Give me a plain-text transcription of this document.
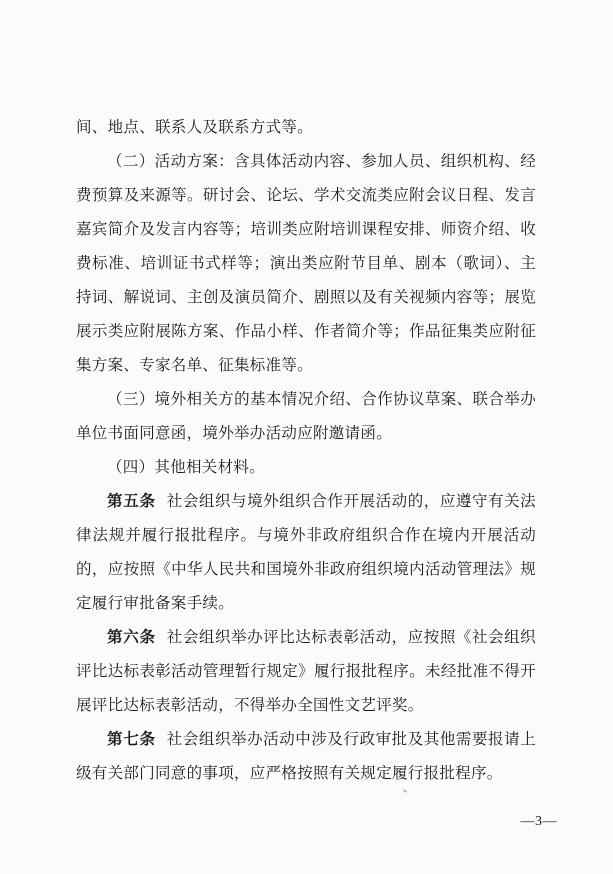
间、地点、联系人及联系方式等。

（二）活动方案：含具体活动内容、参加人员、组织机构、经费预算及来源等。研讨会、论坛、学术交流类应附会议日程、发言嘉宾简介及发言内容等；培训类应附培训课程安排、师资介绍、收费标准、培训证书式样等；演出类应附节目单、剧本（歌词）、主持词、解说词、主创及演员简介、剧照以及有关视频内容等；展览展示类应附展陈方案、作品小样、作者简介等；作品征集类应附征集方案、专家名单、征集标准等。

（三）境外相关方的基本情况介绍、合作协议草案、联合举办单位书面同意函，境外举办活动应附邀请函。

（四）其他相关材料。

第五条 社会组织与境外组织合作开展活动的，应遵守有关法律法规并履行报批程序。与境外非政府组织合作在境内开展活动的，应按照《中华人民共和国境外非政府组织境内活动管理法》规定履行审批备案手续。

第六条 社会组织举办评比达标表彰活动，应按照《社会组织评比达标表彰活动管理暂行规定》履行报批程序。未经批准不得开展评比达标表彰活动，不得举办全国性文艺评奖。

第七条 社会组织举办活动中涉及行政审批及其他需要报请上级有关部门同意的事项，应严格按照有关规定履行报批程序。

—3—
